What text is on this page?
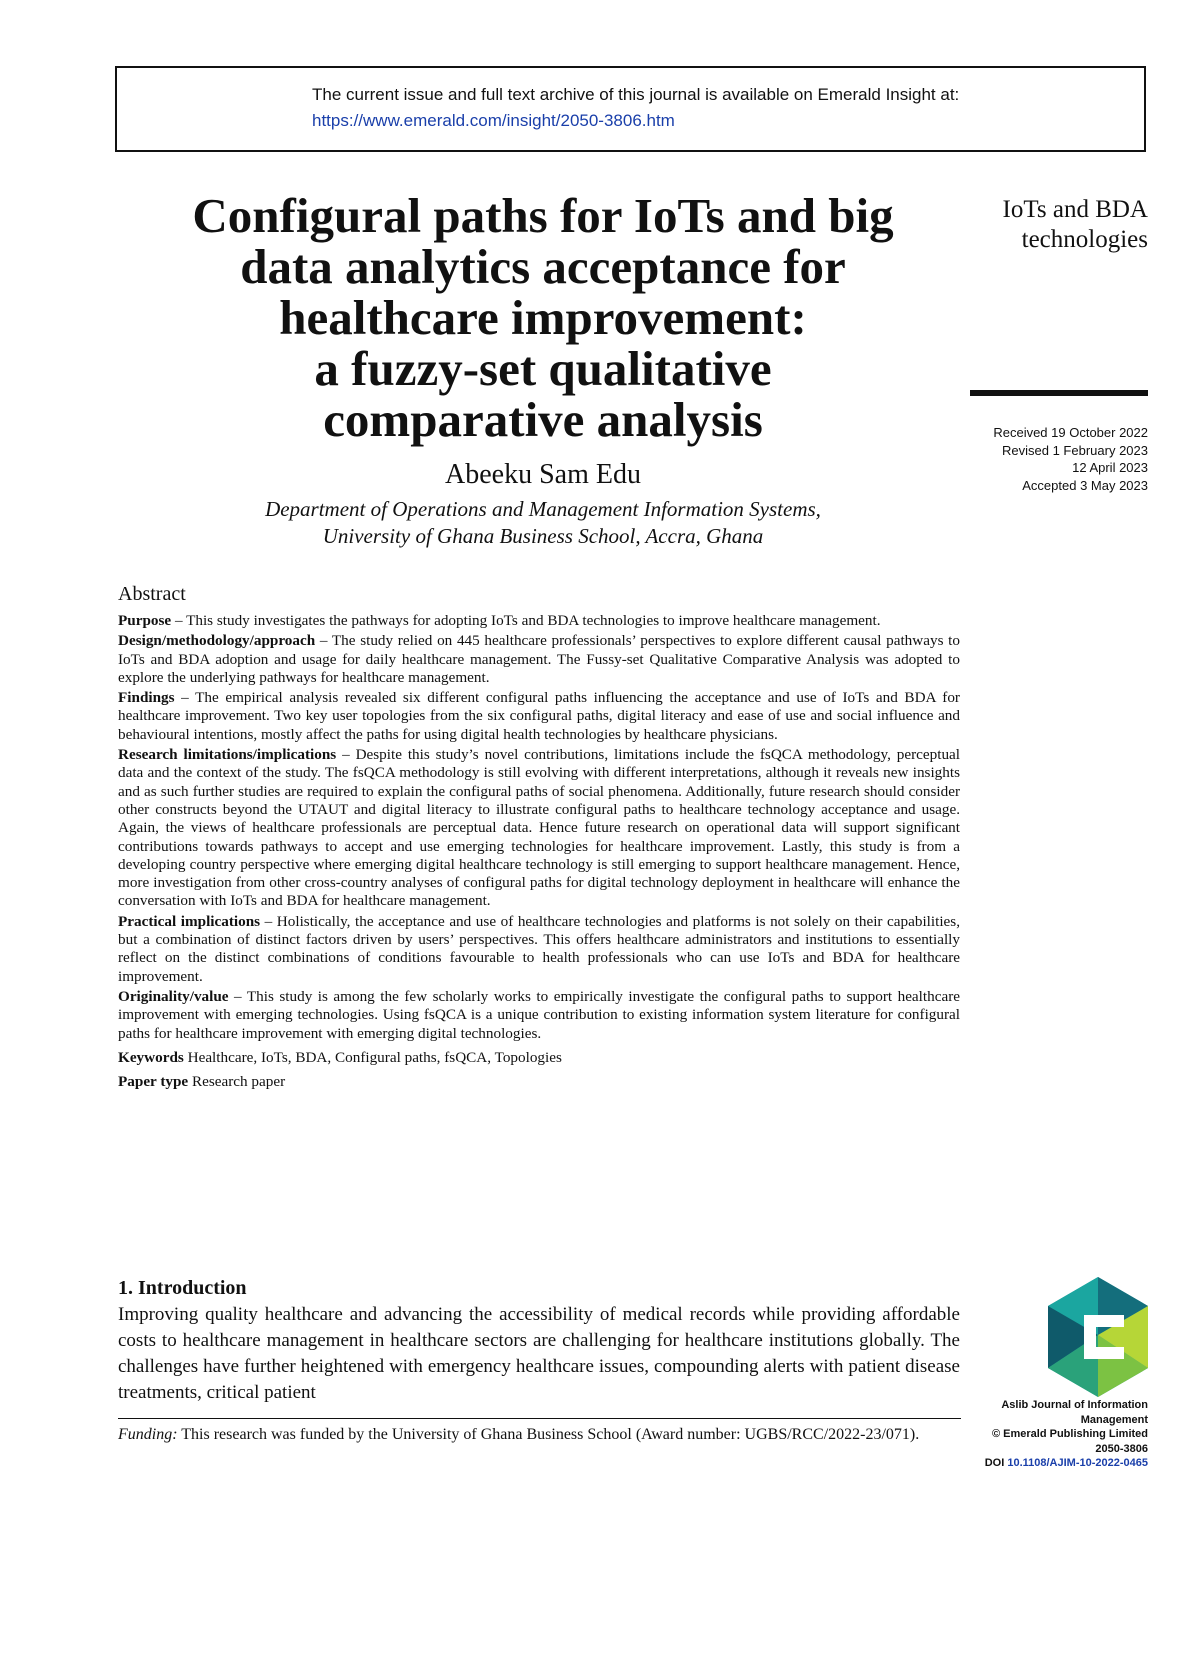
The current issue and full text archive of this journal is available on Emerald Insight at:
https://www.emerald.com/insight/2050-3806.htm
Configural paths for IoTs and big
data analytics acceptance for
healthcare improvement:
a fuzzy-set qualitative
comparative analysis
Abeeku Sam Edu
Department of Operations and Management Information Systems,
University of Ghana Business School, Accra, Ghana
IoTs and BDA
technologies
Received 19 October 2022
Revised 1 February 2023
12 April 2023
Accepted 3 May 2023
Abstract

Purpose – This study investigates the pathways for adopting IoTs and BDA technologies to improve healthcare management.

Design/methodology/approach – The study relied on 445 healthcare professionals’ perspectives to explore different causal pathways to IoTs and BDA adoption and usage for daily healthcare management. The Fussy-set Qualitative Comparative Analysis was adopted to explore the underlying pathways for healthcare management.

Findings – The empirical analysis revealed six different configural paths influencing the acceptance and use of IoTs and BDA for healthcare improvement. Two key user topologies from the six configural paths, digital literacy and ease of use and social influence and behavioural intentions, mostly affect the paths for using digital health technologies by healthcare physicians.

Research limitations/implications – Despite this study’s novel contributions, limitations include the fsQCA methodology, perceptual data and the context of the study. The fsQCA methodology is still evolving with different interpretations, although it reveals new insights and as such further studies are required to explain the configural paths of social phenomena. Additionally, future research should consider other constructs beyond the UTAUT and digital literacy to illustrate configural paths to healthcare technology acceptance and usage. Again, the views of healthcare professionals are perceptual data. Hence future research on operational data will support significant contributions towards pathways to accept and use emerging technologies for healthcare improvement. Lastly, this study is from a developing country perspective where emerging digital healthcare technology is still emerging to support healthcare management. Hence, more investigation from other cross-country analyses of configural paths for digital technology deployment in healthcare will enhance the conversation with IoTs and BDA for healthcare management.

Practical implications – Holistically, the acceptance and use of healthcare technologies and platforms is not solely on their capabilities, but a combination of distinct factors driven by users’ perspectives. This offers healthcare administrators and institutions to essentially reflect on the distinct combinations of conditions favourable to health professionals who can use IoTs and BDA for healthcare improvement.

Originality/value – This study is among the few scholarly works to empirically investigate the configural paths to support healthcare improvement with emerging technologies. Using fsQCA is a unique contribution to existing information system literature for configural paths for healthcare improvement with emerging digital technologies.

Keywords Healthcare, IoTs, BDA, Configural paths, fsQCA, Topologies

Paper type Research paper

1. Introduction
Improving quality healthcare and advancing the accessibility of medical records while providing affordable costs to healthcare management in healthcare sectors are challenging for healthcare institutions globally. The challenges have further heightened with emergency healthcare issues, compounding alerts with patient disease treatments, critical patient
Funding: This research was funded by the University of Ghana Business School (Award number: UGBS/RCC/2022-23/071).
Aslib Journal of Information
Management
© Emerald Publishing Limited
2050-3806
DOI 10.1108/AJIM-10-2022-0465
